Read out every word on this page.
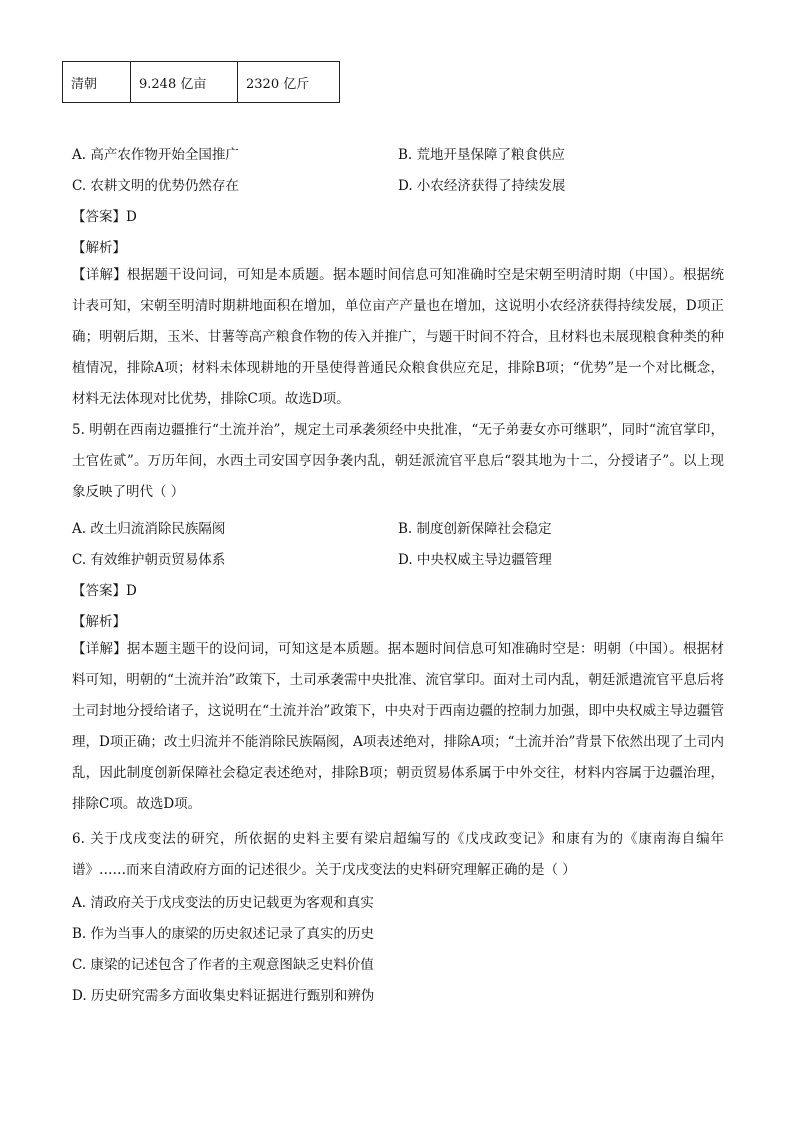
清朝	9.248 亿亩	2320 亿斤
A. 高产农作物开始全国推广	B. 荒地开垦保障了粮食供应
C. 农耕文明的优势仍然存在	D. 小农经济获得了持续发展
【答案】D
【解析】
【详解】根据题干设问词，可知是本质题。据本题时间信息可知准确时空是宋朝至明清时期（中国）。根据统计表可知，宋朝至明清时期耕地面积在增加，单位亩产产量也在增加，这说明小农经济获得持续发展，D项正确；明朝后期，玉米、甘薯等高产粮食作物的传入并推广，与题干时间不符合，且材料也未展现粮食种类的种植情况，排除A项；材料未体现耕地的开垦使得普通民众粮食供应充足，排除B项；“优势”是一个对比概念，材料无法体现对比优势，排除C项。故选D项。
5. 明朝在西南边疆推行“土流并治”，规定土司承袭须经中央批准，“无子弟妻女亦可继职”，同时“流官掌印，土官佐贰”。万历年间，水西土司安国亨因争袭内乱，朝廷派流官平息后“裂其地为十二，分授诸子”。以上现象反映了明代（ ）
A. 改土归流消除民族隔阂	B. 制度创新保障社会稳定
C. 有效维护朝贡贸易体系	D. 中央权威主导边疆管理
【答案】D
【解析】
【详解】据本题主题干的设问词，可知这是本质题。据本题时间信息可知准确时空是：明朝（中国）。根据材料可知，明朝的“土流并治”政策下，土司承袭需中央批准、流官掌印。面对土司内乱，朝廷派遣流官平息后将土司封地分授给诸子，这说明在“土流并治”政策下，中央对于西南边疆的控制力加强，即中央权威主导边疆管理，D项正确；改土归流并不能消除民族隔阂，A项表述绝对，排除A项；“土流并治”背景下依然出现了土司内乱，因此制度创新保障社会稳定表述绝对，排除B项；朝贡贸易体系属于中外交往，材料内容属于边疆治理，排除C项。故选D项。
6. 关于戊戌变法的研究，所依据的史料主要有梁启超编写的《戊戌政变记》和康有为的《康南海自编年谱》……而来自清政府方面的记述很少。关于戊戌变法的史料研究理解正确的是（ ）
A. 清政府关于戊戌变法的历史记载更为客观和真实
B. 作为当事人的康梁的历史叙述记录了真实的历史
C. 康梁的记述包含了作者的主观意图缺乏史料价值
D. 历史研究需多方面收集史料证据进行甄别和辨伪
